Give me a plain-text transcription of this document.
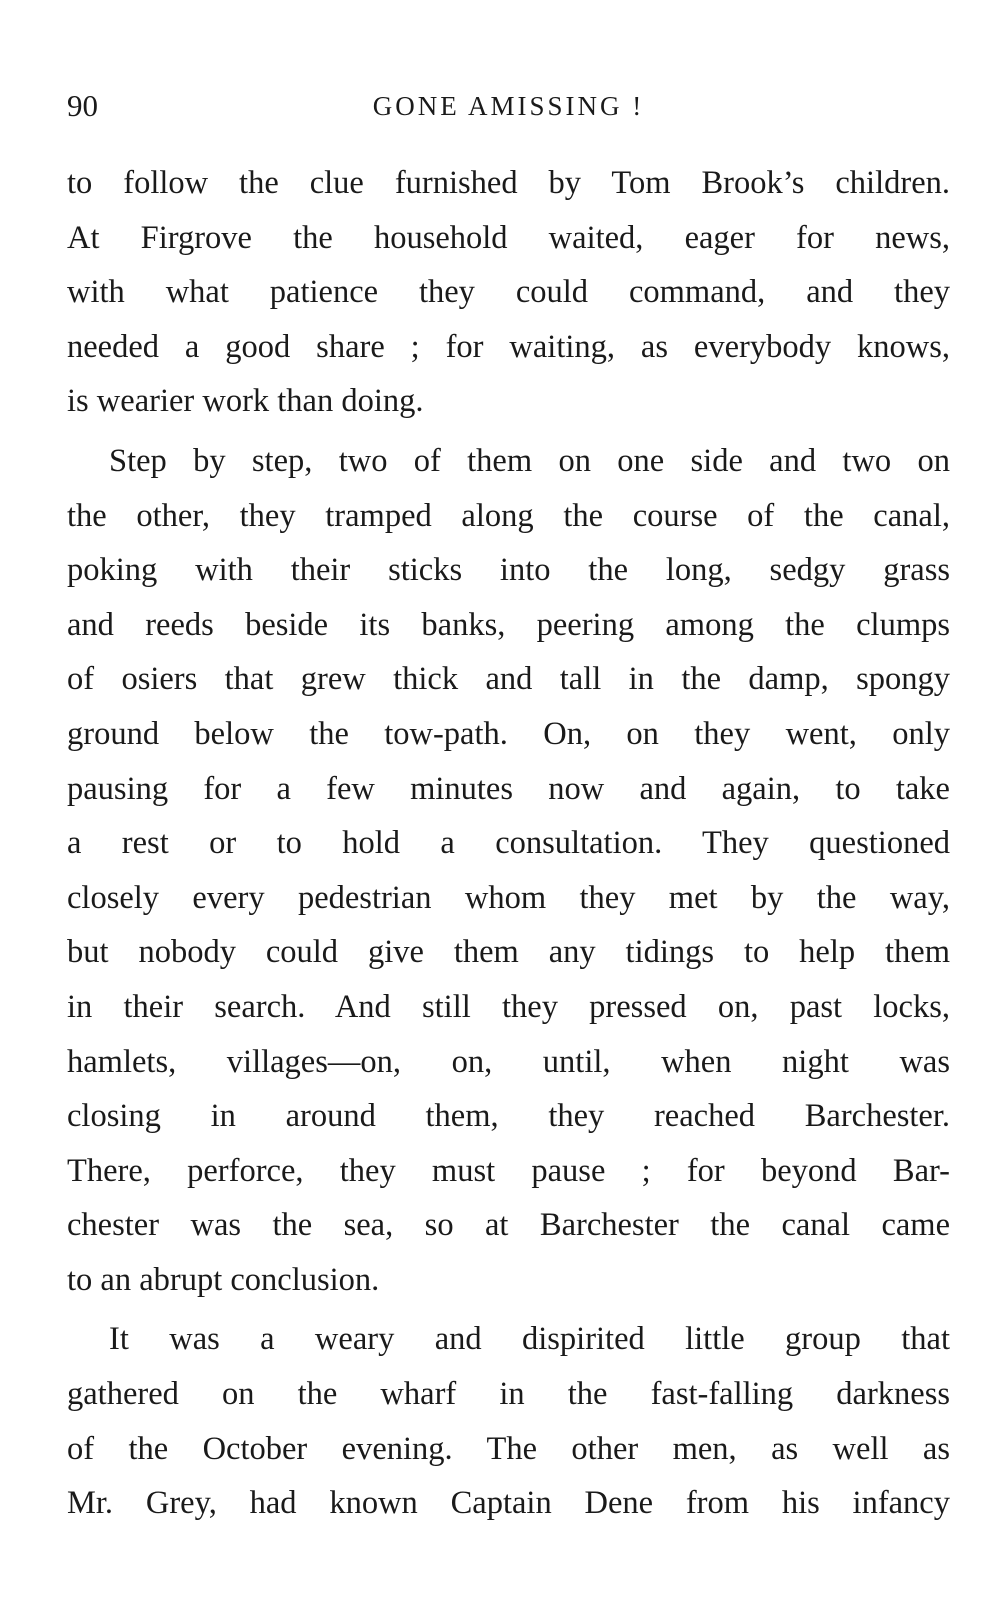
90	GONE AMISSING !
to follow the clue furnished by Tom Brook’s children.
At Firgrove the household waited, eager for news,
with what patience they could command, and they
needed a good share ; for waiting, as everybody knows,
is wearier work than doing.
Step by step, two of them on one side and two on
the other, they tramped along the course of the canal,
poking with their sticks into the long, sedgy grass
and reeds beside its banks, peering among the clumps
of osiers that grew thick and tall in the damp, spongy
ground below the tow-path. On, on they went, only
pausing for a few minutes now and again, to take
a rest or to hold a consultation. They questioned
closely every pedestrian whom they met by the way,
but nobody could give them any tidings to help them
in their search. And still they pressed on, past locks,
hamlets, villages—on, on, until, when night was
closing in around them, they reached Barchester.
There, perforce, they must pause ; for beyond Bar-
chester was the sea, so at Barchester the canal came
to an abrupt conclusion.
It was a weary and dispirited little group that
gathered on the wharf in the fast-falling darkness
of the October evening. The other men, as well as
Mr. Grey, had known Captain Dene from his infancy
